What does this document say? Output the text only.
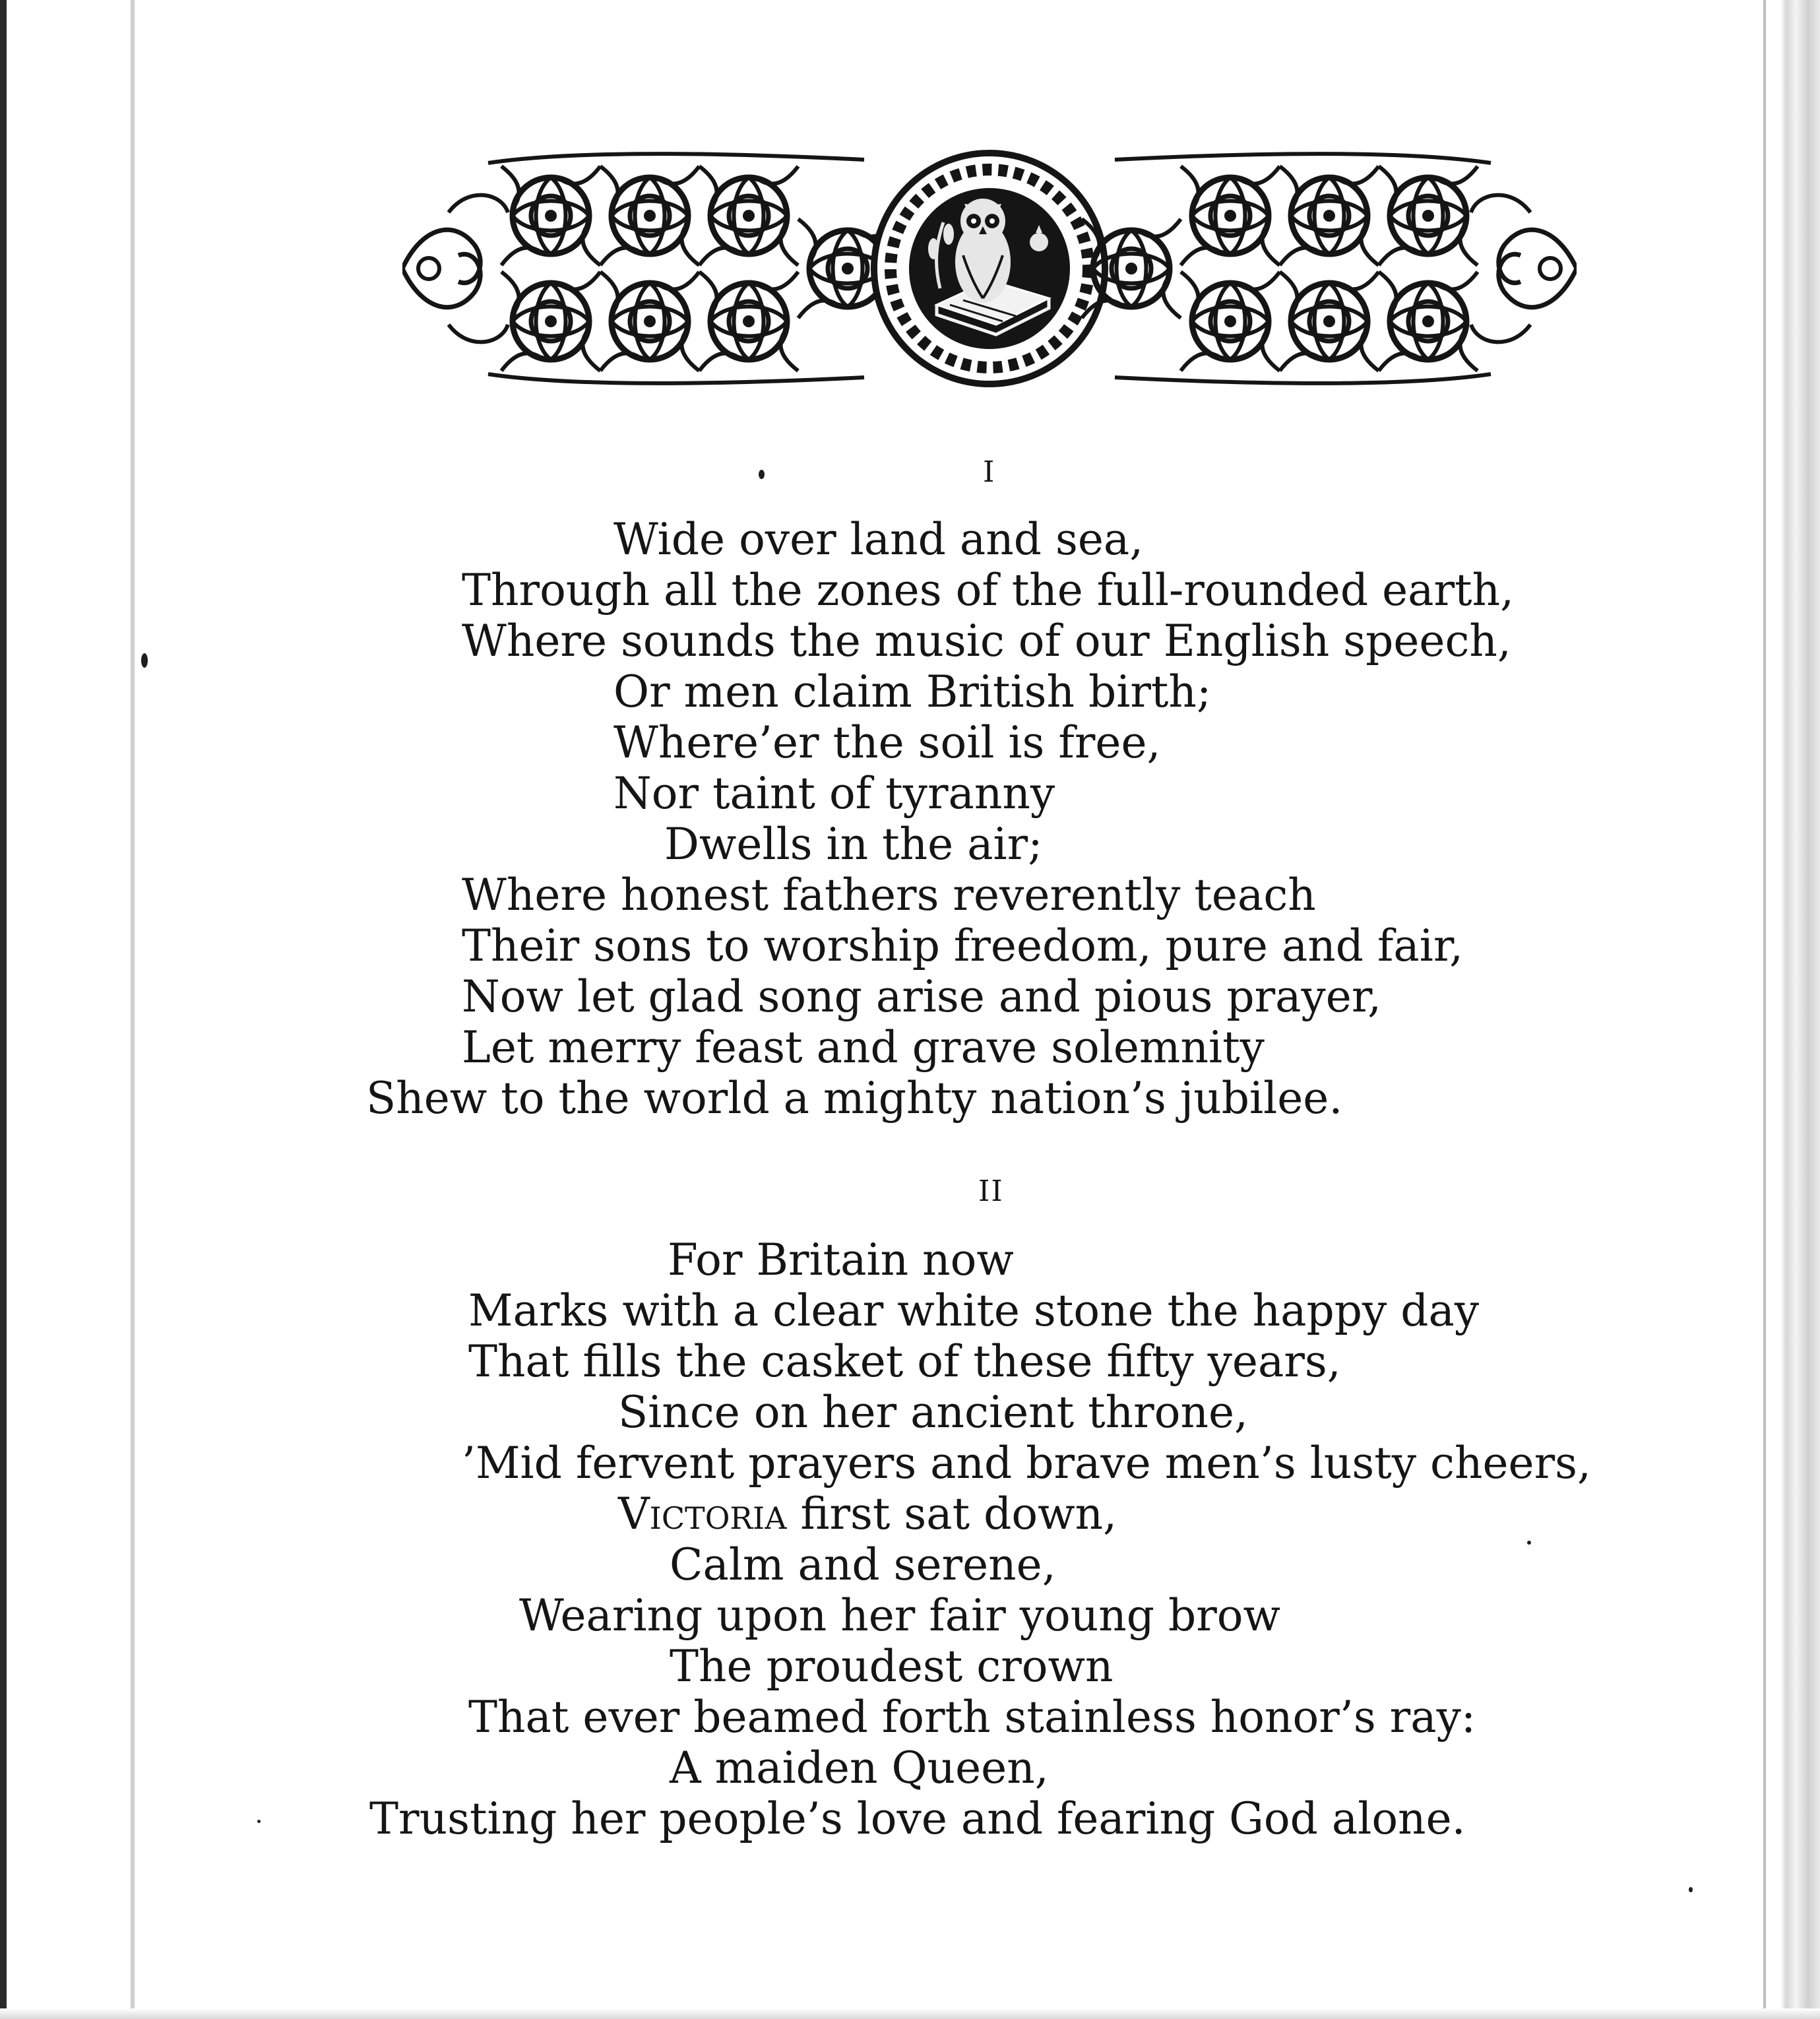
I
Wide over land and sea,
Through all the zones of the full-rounded earth,
Where sounds the music of our English speech,
Or men claim British birth;
Where’er the soil is free,
Nor taint of tyranny
Dwells in the air;
Where honest fathers reverently teach
Their sons to worship freedom, pure and fair,
Now let glad song arise and pious prayer,
Let merry feast and grave solemnity
Shew to the world a mighty nation’s jubilee.
II
For Britain now
Marks with a clear white stone the happy day
That fills the casket of these fifty years,
Since on her ancient throne,
’Mid fervent prayers and brave men’s lusty cheers,
Victoria first sat down,
Calm and serene,
Wearing upon her fair young brow
The proudest crown
That ever beamed forth stainless honor’s ray:
A maiden Queen,
Trusting her people’s love and fearing God alone.
